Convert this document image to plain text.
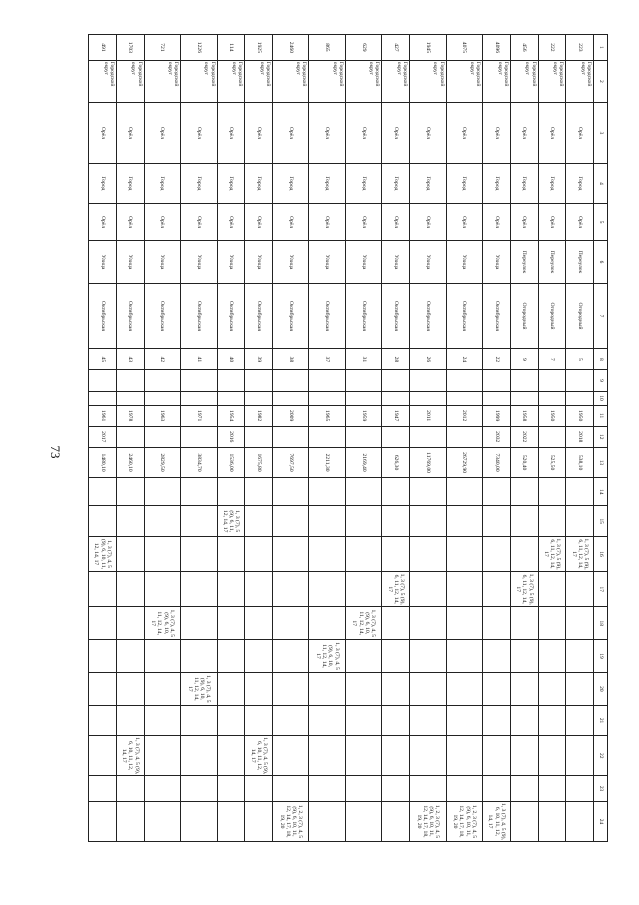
73
1	2	3	4	5	6	7	8	9	10	11	12	13	14	15	16	17	18	19	20	21	22	23	24
223	Городской округ	Орёл	Город	Орёл	Переулок	Огородный	5			1950	2018	538,10			1, 3 (7), 5 (9), 6, 11, 12, 14, 17								
222	Городской округ	Орёл	Город	Орёл	Переулок	Огородный	7			1950		525,50			1, 3 (7), 5 (9), 6, 11, 12, 14, 17								
456	Городской округ	Орёл	Город	Орёл	Переулок	Огородный	9			1958	2022	520,40				1, 3 (7), 5 (9), 6, 11, 12, 14, 17							
4096	Городской округ	Орёл	Город	Орёл	Улица	Октябрьская	22			1999	2032	7340,00											1, 3 (7), 4, 5 (9), 6, 10, 11, 12, 14, 17
4075	Городской округ	Орёл	Город	Орёл	Улица	Октябрьская	24			2012		26729,90											1, 2, 3 (7), 4, 5 (9), 6, 10, 11, 12, 14, 17, 18, 19, 20
1945	Городской округ	Орёл	Город	Орёл	Улица	Октябрьская	26			2011		11769,00											1, 2, 3 (7), 4, 5 (9), 6, 10, 11, 12, 14, 17, 18, 19, 20
427	Городской округ	Орёл	Город	Орёл	Улица	Октябрьская	28			1947		626,30				1, 3 (7), 5 (9), 6, 11, 12, 14, 17							
629	Городской округ	Орёл	Город	Орёл	Улица	Октябрьская	31			1959		2169,40					1, 3 (7), 4, 5 (9), 6, 10, 11, 12, 14, 17						
865	Городской округ	Орёл	Город	Орёл	Улица	Октябрьская	37			1965		2211,30						1, 3 (7), 4, 5 (9), 6, 10, 11, 12, 14, 17					
2460	Городской округ	Орёл	Город	Орёл	Улица	Октябрьская	38			2009		7697,50											1, 2, 3 (7), 4, 5 (9), 6, 10, 11, 12, 14, 17, 18, 19, 20
1925	Городской округ	Орёл	Город	Орёл	Улица	Октябрьская	39			1982		1675,80									1, 3 (7), 4, 5 (9), 6, 10, 11, 12, 14, 17		
114	Городской округ	Орёл	Город	Орёл	Улица	Октябрьская	40			1954	2016	1536,00		1, 3 (7), 5 (9), 6, 11, 12, 14, 17									
1226	Городской округ	Орёл	Город	Орёл	Улица	Октябрьская	41			1971		3834,70							1, 3 (7), 4, 5 (9), 6, 10, 11, 12, 14, 17				
721	Городской округ	Орёл	Город	Орёл	Улица	Октябрьская	42			1963		2829,50					1, 3 (7), 4, 5 (9), 6, 10, 11, 12, 14, 17						
1703	Городской округ	Орёл	Город	Орёл	Улица	Октябрьская	43			1978		2460,10									1, 3 (7), 4, 5 (9), 6, 10, 11, 12, 14, 17		
491	Городской округ	Орёл	Город	Орёл	Улица	Октябрьская	45			1961	2017	1480,10			1, 3 (7), 4, 5 (9), 6, 10, 11, 12, 14, 17								
